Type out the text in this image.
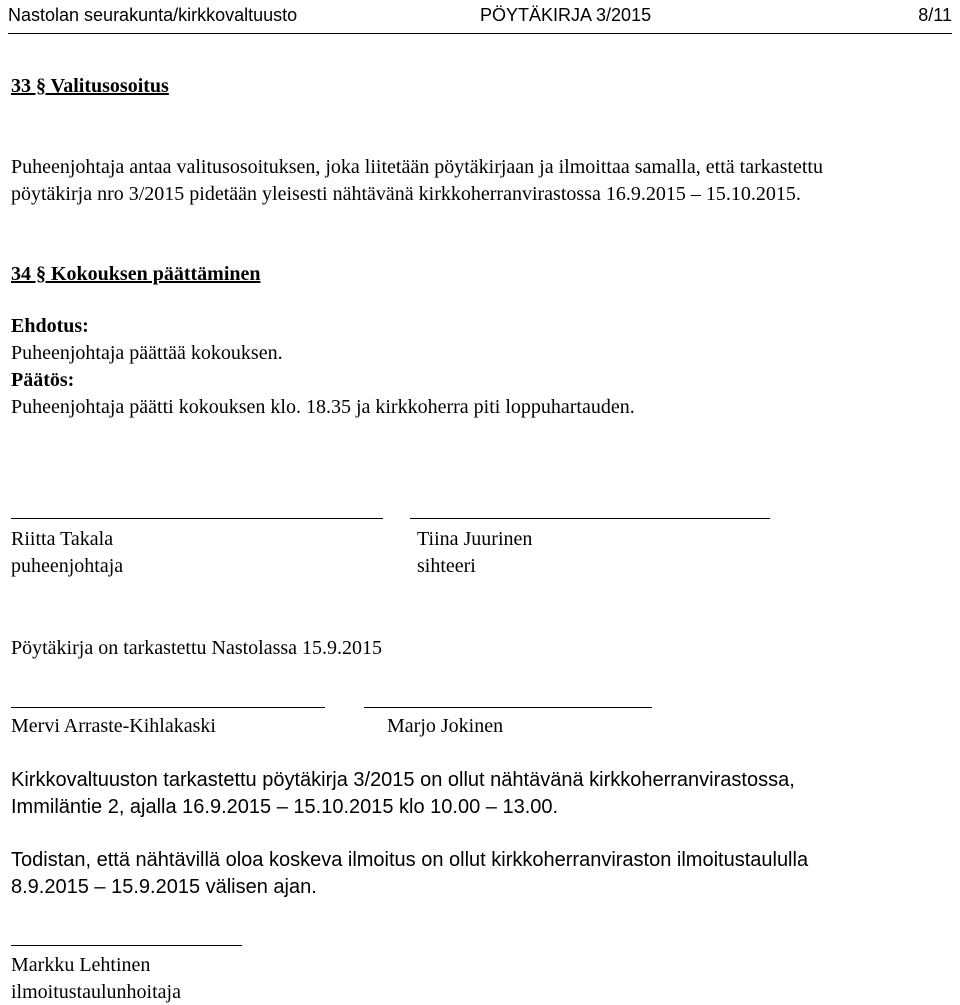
Nastolan seurakunta/kirkkovaltuusto	PÖYTÄKIRJA 3/2015	8/11
33 § Valitusosoitus
Puheenjohtaja antaa valitusosoituksen, joka liitetään pöytäkirjaan ja ilmoittaa samalla, että tarkastettu
pöytäkirja nro 3/2015 pidetään yleisesti nähtävänä kirkkoherranvirastossa 16.9.2015 – 15.10.2015.
34 § Kokouksen päättäminen
Ehdotus:
Puheenjohtaja päättää kokouksen.
Päätös:
Puheenjohtaja päätti kokouksen klo. 18.35 ja kirkkoherra piti loppuhartauden.
Riitta Takala
puheenjohtaja
Tiina Juurinen
sihteeri
Pöytäkirja on tarkastettu Nastolassa 15.9.2015
Mervi Arraste-Kihlakaski	Marjo Jokinen
Kirkkovaltuuston tarkastettu pöytäkirja 3/2015 on ollut nähtävänä kirkkoherranvirastossa,
Immiläntie 2, ajalla 16.9.2015 – 15.10.2015 klo 10.00 – 13.00.
Todistan, että nähtävillä oloa koskeva ilmoitus on ollut kirkkoherranviraston ilmoitustaululla
8.9.2015 – 15.9.2015 välisen ajan.
Markku Lehtinen
ilmoitustaulunhoitaja
